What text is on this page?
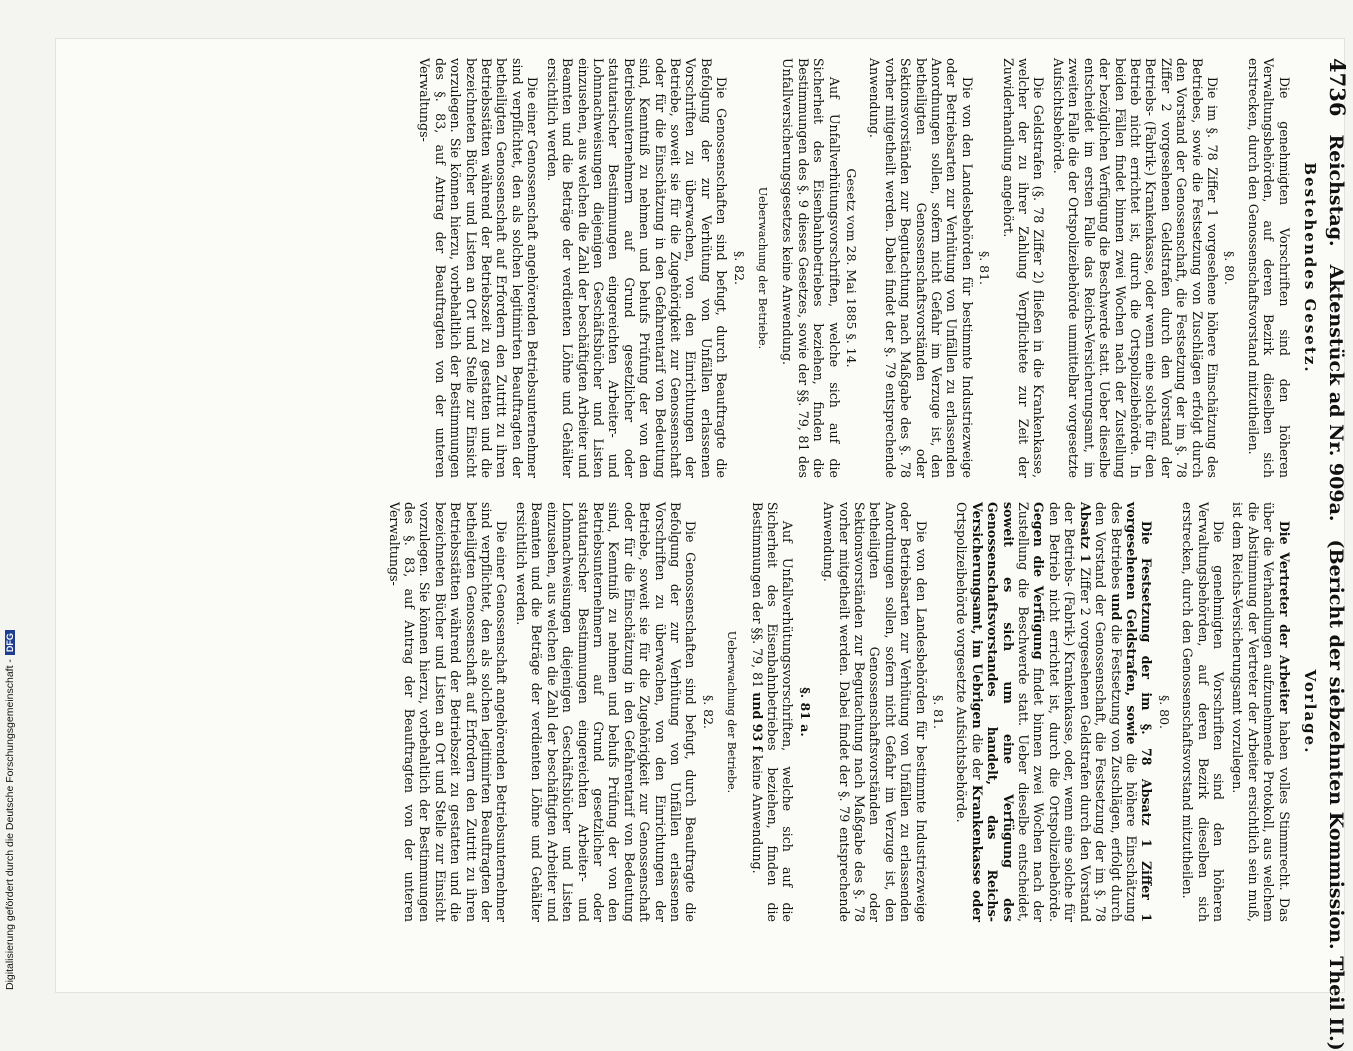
4736
Reichstag.
Aktenstück ad Nr. 909a.
(Bericht der siebzehnten Kommission. Theil II.)
Bestehendes Gesetz.

Die genehmigten Vorschriften sind den höheren Verwaltungsbehörden, auf deren Bezirk dieselben sich erstrecken, durch den Genossenschaftsvorstand mitzutheilen.

§. 80.

Die im §. 78 Ziffer 1 vorgesehene höhere Einschätzung des Betriebes, sowie die Festsetzung von Zuschlägen erfolgt durch den Vorstand der Genossenschaft, die Festsetzung der im §. 78 Ziffer 2 vorgesehenen Geldstrafen durch den Vorstand der Betriebs- (Fabrik-) Krankenkasse, oder wenn eine solche für den Betrieb nicht errichtet ist, durch die Ortspolizeibehörde. In beiden Fällen findet binnen zwei Wochen nach der Zustellung der bezüglichen Verfügung die Beschwerde statt. Ueber dieselbe entscheidet im ersten Falle das Reichs-Versicherungsamt, im zweiten Falle die der Ortspolizeibehörde unmittelbar vorgesetzte Aufsichtsbehörde.

Die Geldstrafen (§. 78 Ziffer 2) fließen in die Krankenkasse, welcher der zu ihrer Zahlung Verpflichtete zur Zeit der Zuwiderhandlung angehört.

§. 81.

Die von den Landesbehörden für bestimmte Industriezweige oder Betriebsarten zur Verhütung von Unfällen zu erlassenden Anordnungen sollen, sofern nicht Gefahr im Verzuge ist, den betheiligten Genossenschaftsvorständen oder Sektionsvorständen zur Begutachtung nach Maßgabe des §. 78 vorher mitgetheilt werden. Dabei findet der §. 79 entsprechende Anwendung.

Gesetz vom 28. Mai 1885 §. 14.

Auf Unfallverhütungsvorschriften, welche sich auf die Sicherheit des Eisenbahnbetriebes beziehen, finden die Bestimmungen des §. 9 dieses Gesetzes, sowie der §§. 79, 81 des Unfallversicherungsgesetzes keine Anwendung.

Ueberwachung der Betriebe.
§. 82.

Die Genossenschaften sind befugt, durch Beauftragte die Befolgung der zur Verhütung von Unfällen erlassenen Vorschriften zu überwachen, von den Einrichtungen der Betriebe, soweit sie für die Zugehörigkeit zur Genossenschaft oder für die Einschätzung in den Gefahrentarif von Bedeutung sind, Kenntniß zu nehmen und behufs Prüfung der von den Betriebsunternehmern auf Grund gesetzlicher oder statutarischer Bestimmungen eingereichten Arbeiter- und Lohnnachweisungen diejenigen Geschäftsbücher und Listen einzusehen, aus welchen die Zahl der beschäftigten Arbeiter und Beamten und die Beträge der verdienten Löhne und Gehälter ersichtlich werden.

Die einer Genossenschaft angehörenden Betriebsunternehmer sind verpflichtet, den als solchen legitimirten Beauftragten der betheiligten Genossenschaft auf Erfordern den Zutritt zu ihren Betriebsstätten während der Betriebszeit zu gestatten und die bezeichneten Bücher und Listen an Ort und Stelle zur Einsicht vorzulegen. Sie können hierzu, vorbehaltlich der Bestimmungen des §. 83, auf Antrag der Beauftragten von der unteren Verwaltungs-

Vorlage.

Die Vertreter der Arbeiter haben volles Stimmrecht. Das über die Verhandlungen aufzunehmende Protokoll, aus welchem die Abstimmung der Vertreter der Arbeiter ersichtlich sein muß, ist dem Reichs-Versicherungsamt vorzulegen.

Die genehmigten Vorschriften sind den höheren Verwaltungsbehörden, auf deren Bezirk dieselben sich erstrecken, durch den Genossenschaftsvorstand mitzutheilen.

§. 80.

Die Festsetzung der im §. 78 Absatz 1 Ziffer 1 vorgesehenen Geldstrafen, sowie die höhere Einschätzung des Betriebes und die Festsetzung von Zuschlägen, erfolgt durch den Vorstand der Genossenschaft, die Festsetzung der im §. 78 Absatz 1 Ziffer 2 vorgesehenen Geldstrafen durch den Vorstand der Betriebs- (Fabrik-) Krankenkasse, oder, wenn eine solche für den Betrieb nicht errichtet ist, durch die Ortspolizeibehörde. Gegen die Verfügung findet binnen zwei Wochen nach der Zustellung die Beschwerde statt. Ueber dieselbe entscheidet, soweit es sich um eine Verfügung des Genossenschaftsvorstandes handelt, das Reichs-Versicherungsamt, im Uebrigen die der Krankenkasse oder Ortspolizeibehörde vorgesetzte Aufsichtsbehörde.

§. 81.

Die von den Landesbehörden für bestimmte Industriezweige oder Betriebsarten zur Verhütung von Unfällen zu erlassenden Anordnungen sollen, sofern nicht Gefahr im Verzuge ist, den betheiligten Genossenschaftsvorständen oder Sektionsvorständen zur Begutachtung nach Maßgabe des §. 78 vorher mitgetheilt werden. Dabei findet der §. 79 entsprechende Anwendung.

§. 81 a.

Auf Unfallverhütungsvorschriften, welche sich auf die Sicherheit des Eisenbahnbetriebes beziehen, finden die Bestimmungen der §§. 79, 81 und 93 f keine Anwendung.

Ueberwachung der Betriebe.
§. 82.

Die Genossenschaften sind befugt, durch Beauftragte die Befolgung der zur Verhütung von Unfällen erlassenen Vorschriften zu überwachen, von den Einrichtungen der Betriebe, soweit sie für die Zugehörigkeit zur Genossenschaft oder für die Einschätzung in den Gefahrentarif von Bedeutung sind, Kenntniß zu nehmen und behufs Prüfung der von den Betriebsunternehmern auf Grund gesetzlicher oder statutarischer Bestimmungen eingereichten Arbeiter- und Lohnnachweisungen diejenigen Geschäftsbücher und Listen einzusehen, aus welchen die Zahl der beschäftigten Arbeiter und Beamten und die Beträge der verdienten Löhne und Gehälter ersichtlich werden.

Die einer Genossenschaft angehörenden Betriebsunternehmer sind verpflichtet, den als solchen legitimirten Beauftragten der betheiligten Genossenschaft auf Erfordern den Zutritt zu ihren Betriebsstätten während der Betriebszeit zu gestatten und die bezeichneten Bücher und Listen an Ort und Stelle zur Einsicht vorzulegen. Sie können hierzu, vorbehaltlich der Bestimmungen des §. 83, auf Antrag der Beauftragten von der unteren Verwaltungs-

Digitalisierung gefördert durch die Deutsche Forschungsgemeinschaft -DFG
